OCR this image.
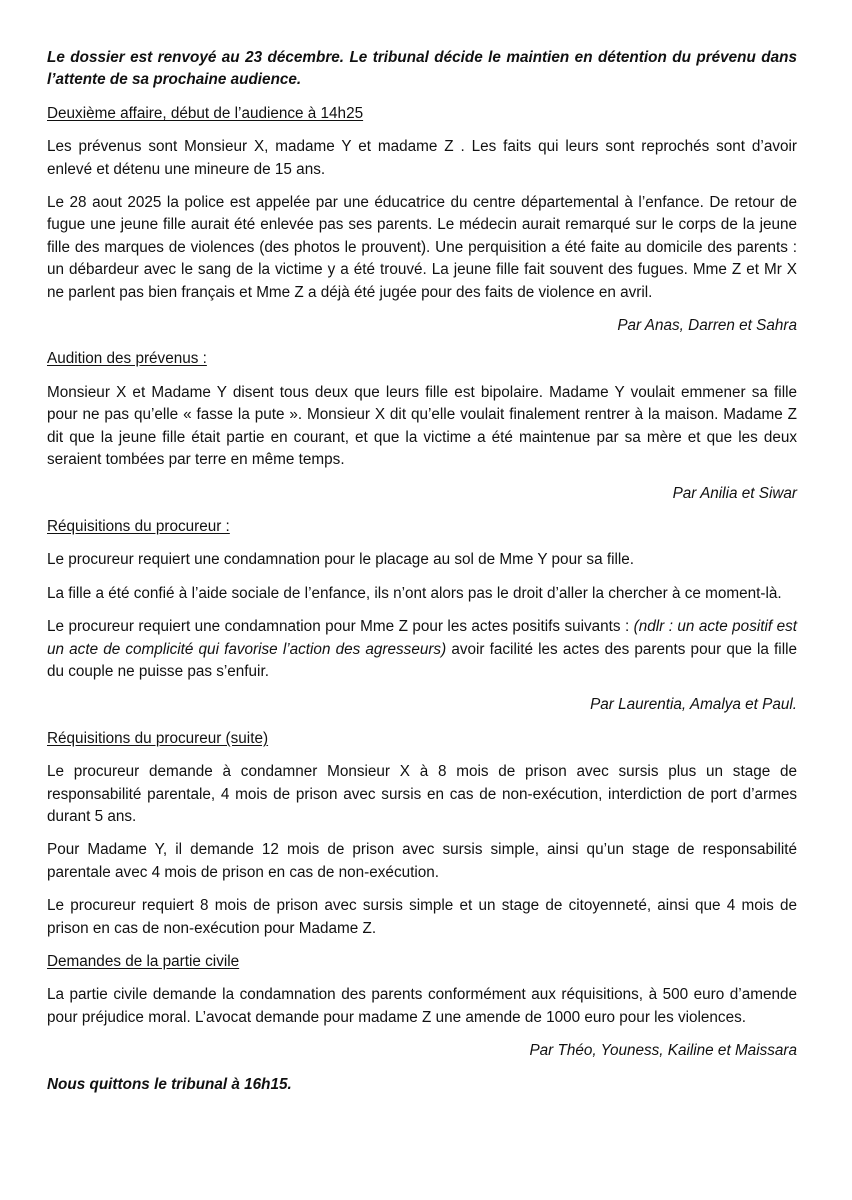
Le dossier est renvoyé au 23 décembre. Le tribunal décide le maintien en détention du prévenu dans l’attente de sa prochaine audience.

Deuxième affaire, début de l’audience à 14h25

Les prévenus sont Monsieur X, madame Y et madame Z . Les faits qui leurs sont reprochés sont d’avoir enlevé et détenu une mineure de 15 ans.

Le 28 aout 2025 la police est appelée par une éducatrice du centre départemental à l’enfance. De retour de fugue une jeune fille aurait été enlevée pas ses parents. Le médecin aurait remarqué sur le corps de la jeune fille des marques de violences (des photos le prouvent). Une perquisition a été faite au domicile des parents : un débardeur avec le sang de la victime y a été trouvé. La jeune fille fait souvent des fugues. Mme Z et Mr X ne parlent pas bien français et Mme Z a déjà été jugée pour des faits de violence en avril.

Par Anas, Darren et Sahra

Audition des prévenus :

Monsieur X et Madame Y disent tous deux que leurs fille est bipolaire. Madame Y voulait emmener sa fille pour ne pas qu’elle « fasse la pute ». Monsieur X dit qu’elle voulait finalement rentrer à la maison. Madame Z dit que la jeune fille était partie en courant, et que la victime a été maintenue par sa mère et que les deux seraient tombées par terre en même temps.

Par Anilia et Siwar

Réquisitions du procureur :

Le procureur requiert une condamnation pour le placage au sol de Mme Y pour sa fille.

La fille a été confié à l’aide sociale de l’enfance, ils n’ont alors pas le droit d’aller la chercher à ce moment-là.

Le procureur requiert une condamnation pour Mme Z pour les actes positifs suivants : (ndlr : un acte positif est un acte de complicité qui favorise l’action des agresseurs) avoir facilité les actes des parents pour que la fille du couple ne puisse pas s’enfuir.

Par Laurentia, Amalya et Paul.

Réquisitions du procureur (suite)

Le procureur demande à condamner Monsieur X à 8 mois de prison avec sursis plus un stage de responsabilité parentale, 4 mois de prison avec sursis en cas de non-exécution, interdiction de port d’armes durant 5 ans.

Pour Madame Y, il demande 12 mois de prison avec sursis simple, ainsi qu’un stage de responsabilité parentale avec 4 mois de prison en cas de non-exécution.

Le procureur requiert 8 mois de prison avec sursis simple et un stage de citoyenneté, ainsi que 4 mois de prison en cas de non-exécution pour Madame Z.

Demandes de la partie civile

La partie civile demande la condamnation des parents conformément aux réquisitions, à 500 euro d’amende pour préjudice moral. L’avocat demande pour madame Z une amende de 1000 euro pour les violences.

Par Théo, Youness, Kailine et Maissara

Nous quittons le tribunal à 16h15.
